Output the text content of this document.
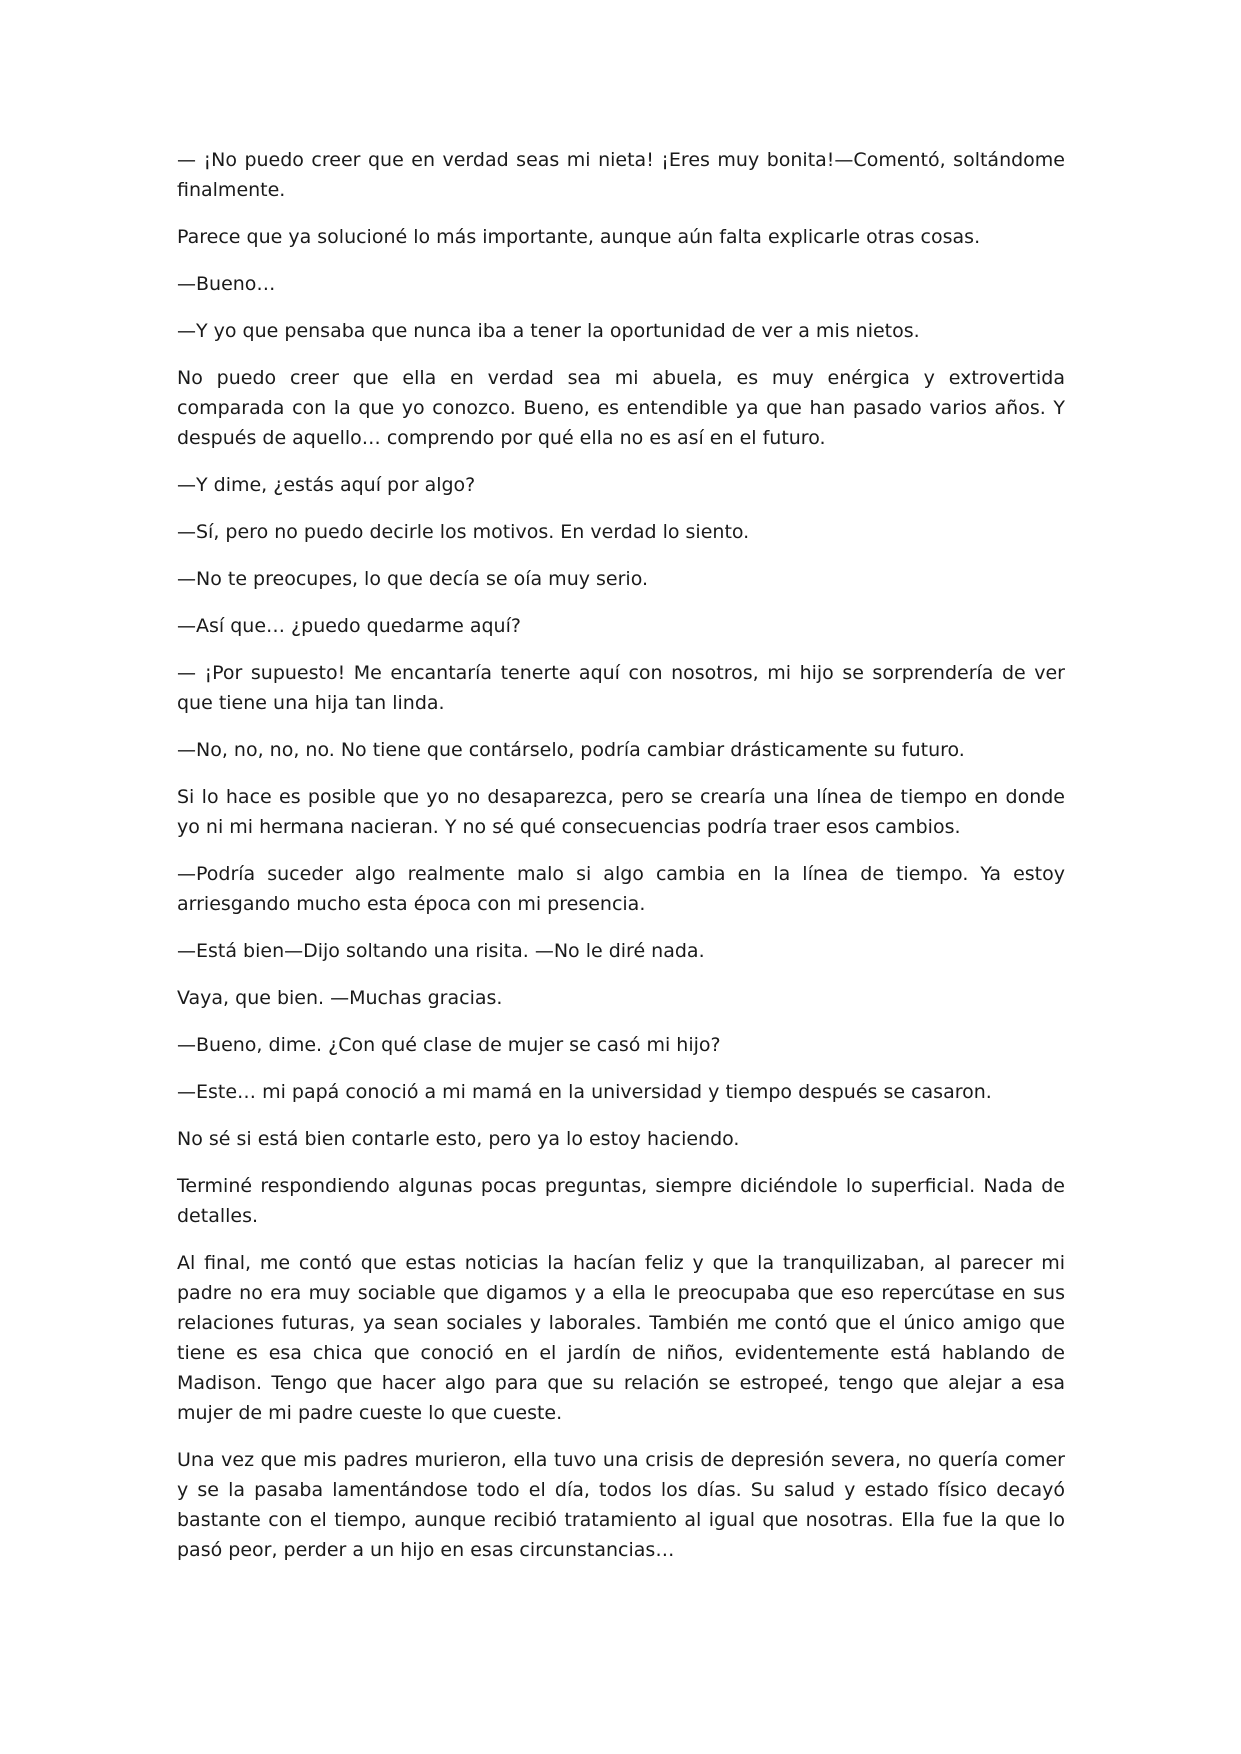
— ¡No puedo creer que en verdad seas mi nieta! ¡Eres muy bonita!—Comentó, soltándome finalmente.

Parece que ya solucioné lo más importante, aunque aún falta explicarle otras cosas.

—Bueno…

—Y yo que pensaba que nunca iba a tener la oportunidad de ver a mis nietos.

No puedo creer que ella en verdad sea mi abuela, es muy enérgica y extrovertida comparada con la que yo conozco. Bueno, es entendible ya que han pasado varios años. Y después de aquello… comprendo por qué ella no es así en el futuro.

—Y dime, ¿estás aquí por algo?

—Sí, pero no puedo decirle los motivos. En verdad lo siento.

—No te preocupes, lo que decía se oía muy serio.

—Así que… ¿puedo quedarme aquí?

— ¡Por supuesto! Me encantaría tenerte aquí con nosotros, mi hijo se sorprendería de ver que tiene una hija tan linda.

—No, no, no, no. No tiene que contárselo, podría cambiar drásticamente su futuro.

Si lo hace es posible que yo no desaparezca, pero se crearía una línea de tiempo en donde yo ni mi hermana nacieran. Y no sé qué consecuencias podría traer esos cambios.

—Podría suceder algo realmente malo si algo cambia en la línea de tiempo. Ya estoy arriesgando mucho esta época con mi presencia.

—Está bien—Dijo soltando una risita. —No le diré nada.

Vaya, que bien. —Muchas gracias.

—Bueno, dime. ¿Con qué clase de mujer se casó mi hijo?

—Este… mi papá conoció a mi mamá en la universidad y tiempo después se casaron.

No sé si está bien contarle esto, pero ya lo estoy haciendo.

Terminé respondiendo algunas pocas preguntas, siempre diciéndole lo superficial. Nada de detalles.

Al final, me contó que estas noticias la hacían feliz y que la tranquilizaban, al parecer mi padre no era muy sociable que digamos y a ella le preocupaba que eso repercútase en sus relaciones futuras, ya sean sociales y laborales. También me contó que el único amigo que tiene es esa chica que conoció en el jardín de niños, evidentemente está hablando de Madison. Tengo que hacer algo para que su relación se estropeé, tengo que alejar a esa mujer de mi padre cueste lo que cueste.

Una vez que mis padres murieron, ella tuvo una crisis de depresión severa, no quería comer y se la pasaba lamentándose todo el día, todos los días. Su salud y estado físico decayó bastante con el tiempo, aunque recibió tratamiento al igual que nosotras. Ella fue la que lo pasó peor, perder a un hijo en esas circunstancias…
